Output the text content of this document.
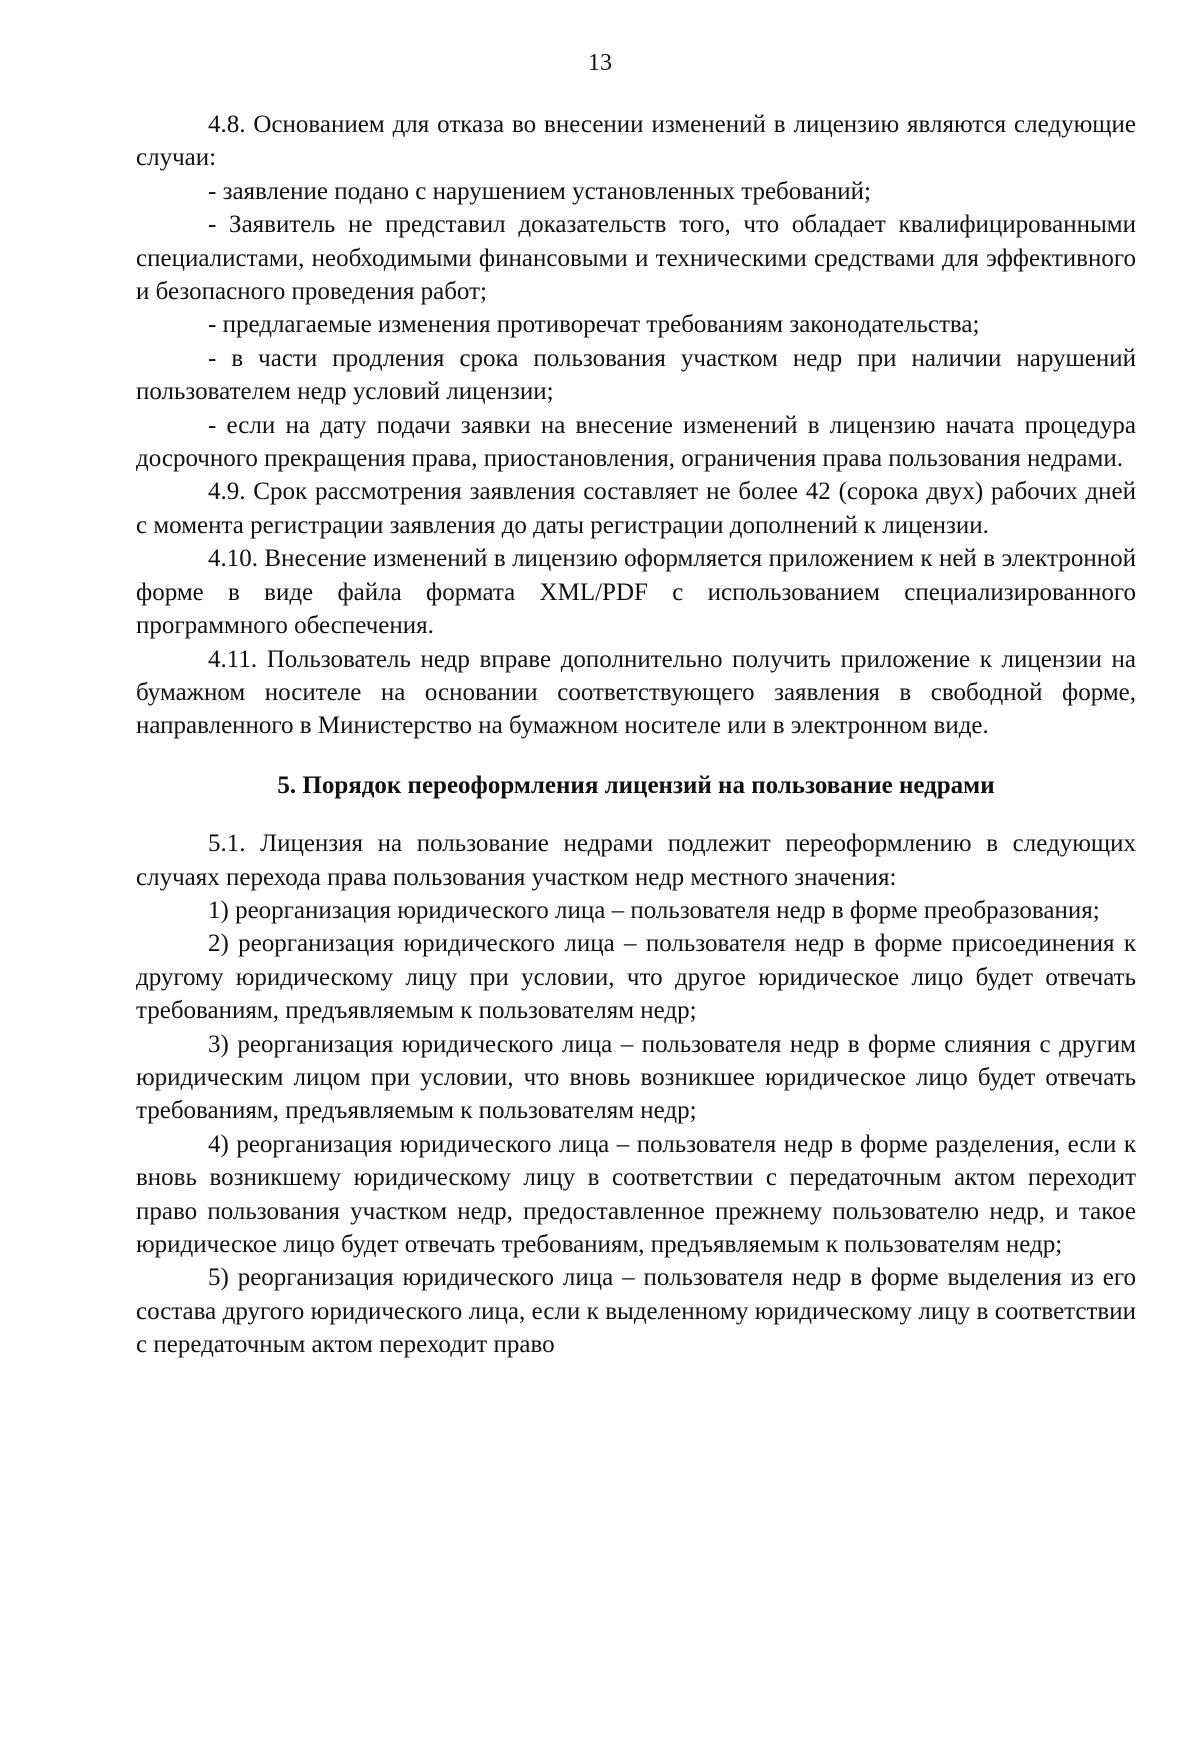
13

4.8. Основанием для отказа во внесении изменений в лицензию являются следующие случаи:

- заявление подано с нарушением установленных требований;

- Заявитель не представил доказательств того, что обладает квалифицированными специалистами, необходимыми финансовыми и техническими средствами для эффективного и безопасного проведения работ;

- предлагаемые изменения противоречат требованиям законодательства;

- в части продления срока пользования участком недр при наличии нарушений пользователем недр условий лицензии;

- если на дату подачи заявки на внесение изменений в лицензию начата процедура досрочного прекращения права, приостановления, ограничения права пользования недрами.

4.9. Срок рассмотрения заявления составляет не более 42 (сорока двух) рабочих дней с момента регистрации заявления до даты регистрации дополнений к лицензии.

4.10. Внесение изменений в лицензию оформляется приложением к ней в электронной форме в виде файла формата XML/PDF с использованием специализированного программного обеспечения.

4.11. Пользователь недр вправе дополнительно получить приложение к лицензии на бумажном носителе на основании соответствующего заявления в свободной форме, направленного в Министерство на бумажном носителе или в электронном виде.

5. Порядок переоформления лицензий на пользование недрами

5.1. Лицензия на пользование недрами подлежит переоформлению в следующих случаях перехода права пользования участком недр местного значения:

1) реорганизация юридического лица – пользователя недр в форме преобразования;

2) реорганизация юридического лица – пользователя недр в форме присоединения к другому юридическому лицу при условии, что другое юридическое лицо будет отвечать требованиям, предъявляемым к пользователям недр;

3) реорганизация юридического лица – пользователя недр в форме слияния с другим юридическим лицом при условии, что вновь возникшее юридическое лицо будет отвечать требованиям, предъявляемым к пользователям недр;

4) реорганизация юридического лица – пользователя недр в форме разделения, если к вновь возникшему юридическому лицу в соответствии с передаточным актом переходит право пользования участком недр, предоставленное прежнему пользователю недр, и такое юридическое лицо будет отвечать требованиям, предъявляемым к пользователям недр;

5) реорганизация юридического лица – пользователя недр в форме выделения из его состава другого юридического лица, если к выделенному юридическому лицу в соответствии с передаточным актом переходит право
